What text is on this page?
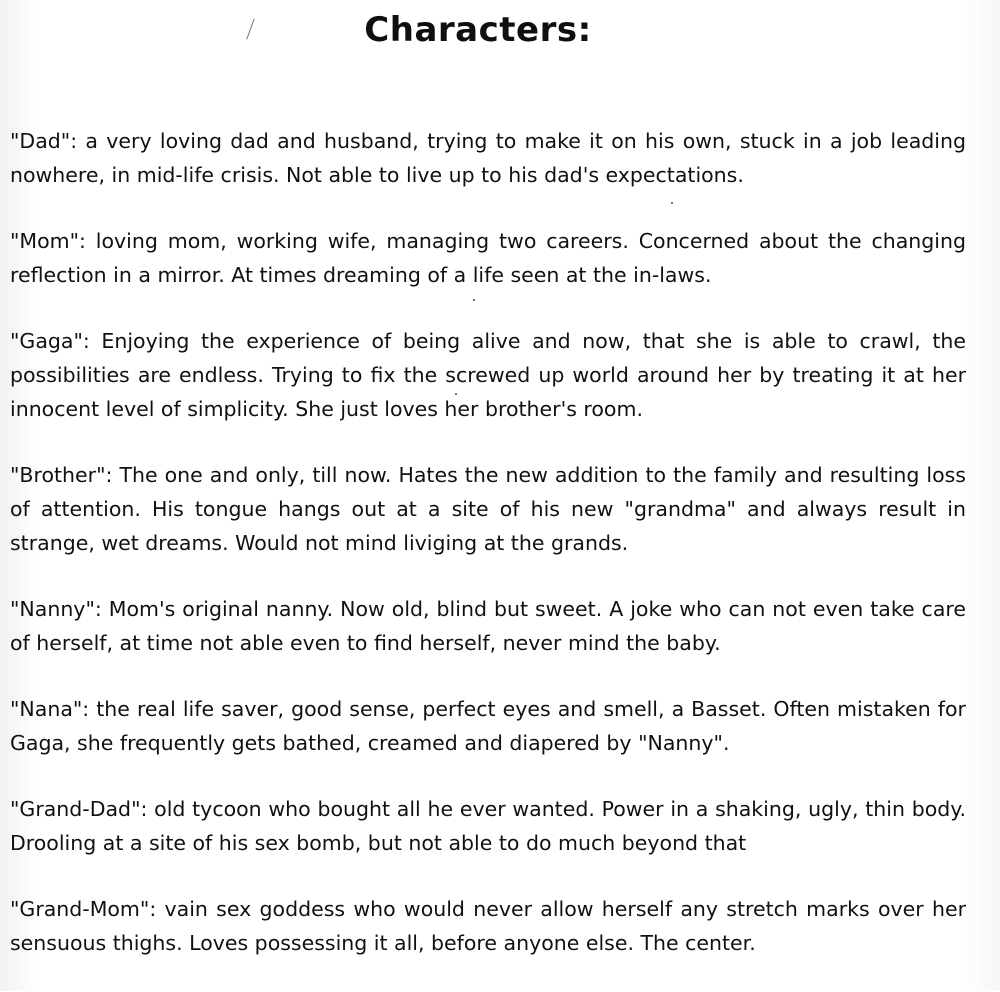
Characters:

"Dad": a very loving dad and husband, trying to make it on his own, stuck in a job leading nowhere, in mid-life crisis. Not able to live up to his dad's expectations.

"Mom": loving mom, working wife, managing two careers. Concerned about the changing reflection in a mirror. At times dreaming of a life seen at the in-laws.

"Gaga": Enjoying the experience of being alive and now, that she is able to crawl, the possibilities are endless. Trying to fix the screwed up world around her by treating it at her innocent level of simplicity. She just loves her brother's room.

"Brother": The one and only, till now. Hates the new addition to the family and resulting loss of attention. His tongue hangs out at a site of his new "grandma" and always result in strange, wet dreams. Would not mind liviging at the grands.

"Nanny": Mom's original nanny. Now old, blind but sweet. A joke who can not even take care of herself, at time not able even to find herself, never mind the baby.

"Nana": the real life saver, good sense, perfect eyes and smell, a Basset. Often mistaken for Gaga, she frequently gets bathed, creamed and diapered by "Nanny".

"Grand-Dad": old tycoon who bought all he ever wanted. Power in a shaking, ugly, thin body. Drooling at a site of his sex bomb, but not able to do much beyond that

"Grand-Mom": vain sex goddess who would never allow herself any stretch marks over her sensuous thighs. Loves possessing it all, before anyone else. The center.
